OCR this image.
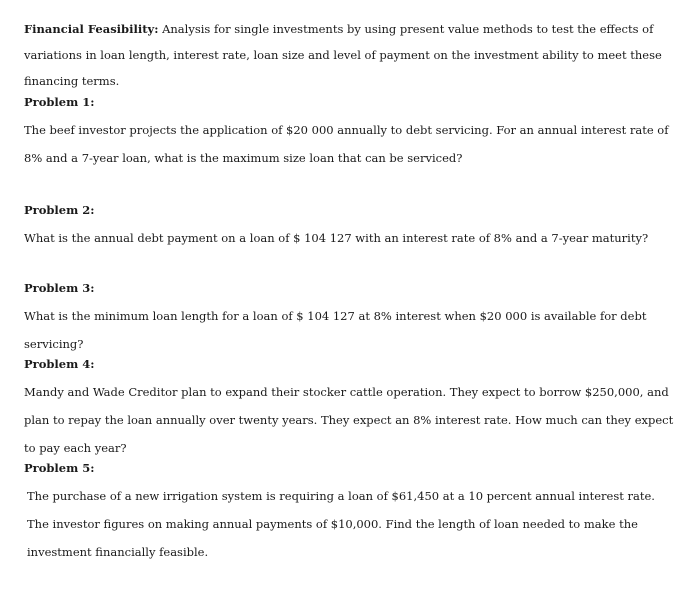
Financial Feasibility: Analysis for single investments by using present value methods to test the effects of variations in loan length, interest rate, loan size and level of payment on the investment ability to meet these financing terms.

Problem 1:

The beef investor projects the application of $20 000 annually to debt servicing. For an annual interest rate of 8% and a 7-year loan, what is the maximum size loan that can be serviced?

Problem 2:

What is the annual debt payment on a loan of $ 104 127 with an interest rate of 8% and a 7-year maturity?

Problem 3:

What is the minimum loan length for a loan of $ 104 127 at 8% interest when $20 000 is available for debt servicing?

Problem 4:

Mandy and Wade Creditor plan to expand their stocker cattle operation. They expect to borrow $250,000, and plan to repay the loan annually over twenty years. They expect an 8% interest rate. How much can they expect to pay each year?

Problem 5:

The purchase of a new irrigation system is requiring a loan of $61,450 at a 10 percent annual interest rate. The investor figures on making annual payments of $10,000. Find the length of loan needed to make the investment financially feasible.
